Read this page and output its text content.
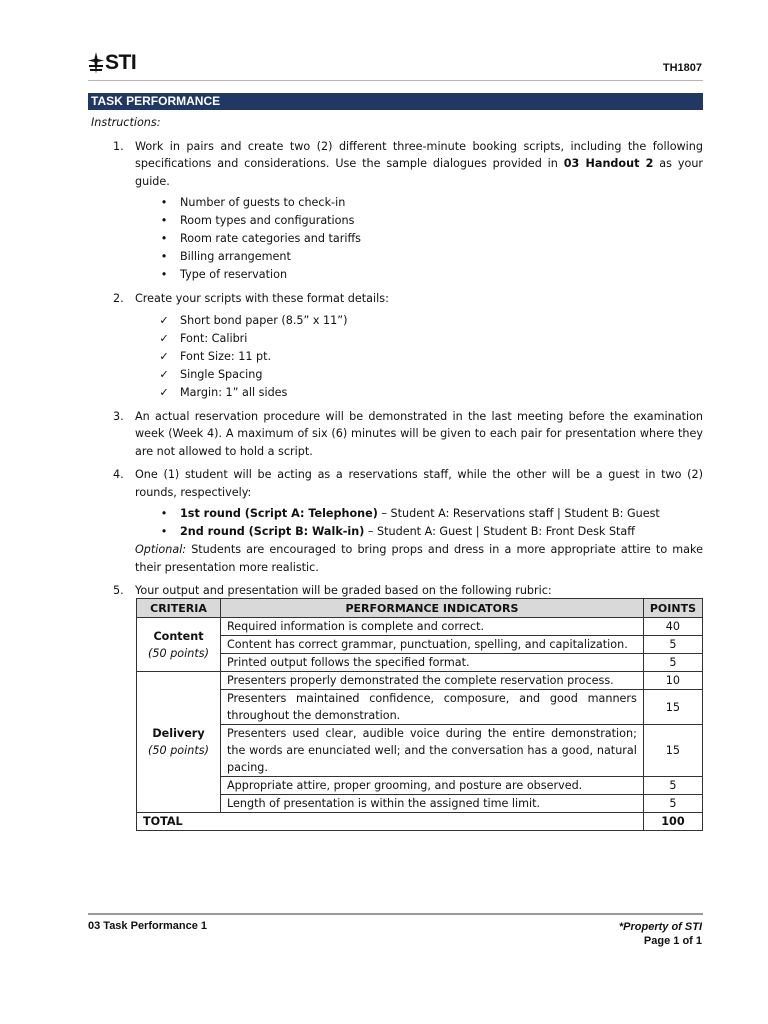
STI	TH1807
TASK PERFORMANCE
Instructions:
1. Work in pairs and create two (2) different three-minute booking scripts, including the following specifications and considerations. Use the sample dialogues provided in 03 Handout 2 as your guide.

•	Number of guests to check-in
•	Room types and configurations
•	Room rate categories and tariffs
•	Billing arrangement
•	Type of reservation
2. Create your scripts with these format details:

✓ Short bond paper (8.5” x 11”)
✓ Font: Calibri
✓ Font Size: 11 pt.
✓ Single Spacing
✓ Margin: 1” all sides
3. An actual reservation procedure will be demonstrated in the last meeting before the examination week (Week 4). A maximum of six (6) minutes will be given to each pair for presentation where they are not allowed to hold a script.

4. One (1) student will be acting as a reservations staff, while the other will be a guest in two (2) rounds, respectively:

•	1st round (Script A: Telephone) – Student A: Reservations staff | Student B: Guest
•	2nd round (Script B: Walk-in) – Student A: Guest | Student B: Front Desk Staff

Optional: Students are encouraged to bring props and dress in a more appropriate attire to make their presentation more realistic.

5. Your output and presentation will be graded based on the following rubric:

CRITERIA	PERFORMANCE INDICATORS	POINTS

Content
(50 points)	Required information is complete and correct.	40
	Content has correct grammar, punctuation, spelling, and capitalization.	5
	Printed output follows the specified format.	5

Delivery
(50 points)	Presenters properly demonstrated the complete reservation process.	10
	Presenters maintained confidence, composure, and good manners throughout the demonstration.	15
	Presenters used clear, audible voice during the entire demonstration; the words are enunciated well; and the conversation has a good, natural pacing.	15
	Appropriate attire, proper grooming, and posture are observed.	5
	Length of presentation is within the assigned time limit.	5
TOTAL		100
03 Task Performance 1	*Property of STI
Page 1 of 1
